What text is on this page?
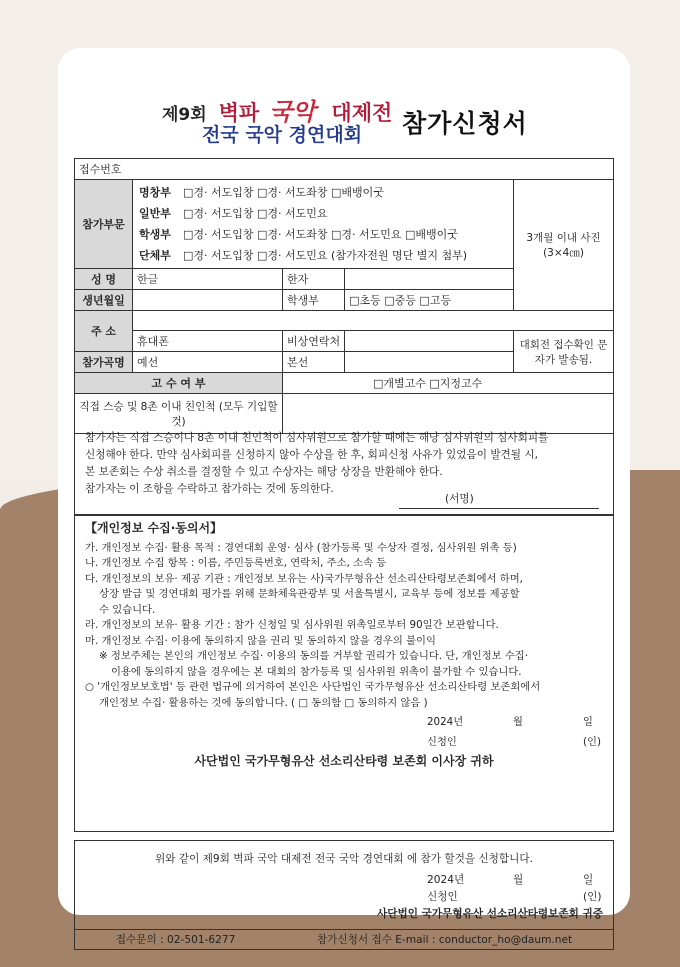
제9회 벽파 국악 대제전
전국 국악 경연대회 참가신청서
접수번호				
참가부문	명창부 □경· 서도입창 □경· 서도좌창 □배뱅이굿
일반부 □경· 서도입창 □경· 서도민요
학생부 □경· 서도입창 □경· 서도좌창 □경· 서도민요 □배뱅이굿
단체부 □경· 서도입창 □경· 서도민요 (참가자전원 명단 별지 첨부)			3개월 이내 사진 (3×4㎝)
성 명	한글	한자		
생년월일		학생부	□초등 □중등 □고등	
주 소				
	휴대폰	비상연락처		대회전 접수확인 문자가 발송됨.
참가곡명	예선	본선		
고 수 여 부		□개별고수 □지정고수		
직접 스승 및 8촌 이내 친인척 (모두 기입할 것)				

참가자는 직접 스승이나 8촌 이내 친인척이 심사위원으로 참가할 때에는 해당 심사위원의 심사회피를

신청해야 한다. 만약 심사회피를 신청하지 않아 수상을 한 후, 회피신청 사유가 있었음이 발견될 시,

본 보존회는 수상 취소를 결정할 수 있고 수상자는 해당 상장을 반환해야 한다.

참가자는 이 조항을 수락하고 참가하는 것에 동의한다.

(서명)
【개인정보 수집·동의서】

가. 개인정보 수집· 활용 목적 : 경연대회 운영· 심사 (참가등록 및 수상자 결정, 심사위원 위촉 등)

나. 개인정보 수집 항목 : 이름, 주민등록번호, 연락처, 주소, 소속 등

다. 개인정보의 보유· 제공 기관 : 개인정보 보유는 사)국가무형유산 선소리산타령보존회에서 하며,

상장 발급 및 경연대회 평가를 위해 문화체육관광부 및 서울특별시, 교육부 등에 정보를 제공할

수 있습니다.

라. 개인정보의 보유· 활용 기간 : 참가 신청일 및 심사위원 위촉일로부터 90일간 보관합니다.

마. 개인정보 수집· 이용에 동의하지 않을 권리 및 동의하지 않을 경우의 불이익

※ 정보주체는 본인의 개인정보 수집· 이용의 동의를 거부할 권리가 있습니다. 단, 개인정보 수집·

이용에 동의하지 않을 경우에는 본 대회의 참가등록 및 심사위원 위촉이 불가할 수 있습니다.

○ '개인정보보호법' 등 관련 법규에 의거하여 본인은 사단법인 국가무형유산 선소리산타령 보존회에서

개인정보 수집· 활용하는 것에 동의합니다. ( □ 동의함 □ 동의하지 않음 )

2024년	월	일
신청인	(인)
사단법인 국가무형유산 선소리산타령 보존회 이사장 귀하
위와 같이 제9회 벽파 국악 대제전 전국 국악 경연대회 에 참가 할것을 신청합니다.
2024년	월	일
신청인	(인)
사단법인 국가무형유산 선소리산타령보존회 귀중
접수문의 : 02-501-6277	참가신청서 접수 E-mail : conductor_ho@daum.net
